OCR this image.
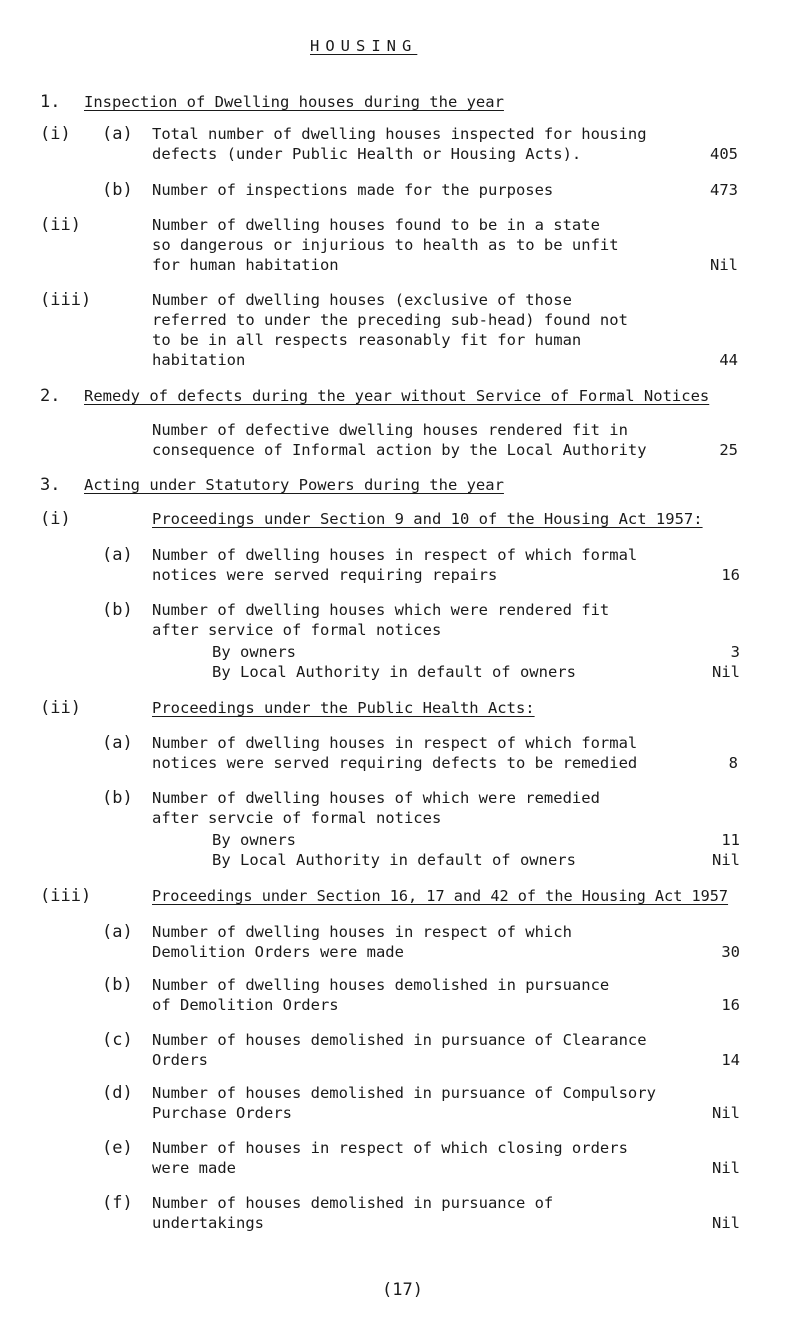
HOUSING
1. Inspection of Dwelling houses during the year
(i) (a) Total number of dwelling houses inspected for housing
defects (under Public Health or Housing Acts).	405
(b) Number of inspections made for the purposes	473
(ii)	Number of dwelling houses found to be in a state
so dangerous or injurious to health as to be unfit
for human habitation	Nil
(iii)	Number of dwelling houses (exclusive of those
referred to under the preceding sub-head) found not
to be in all respects reasonably fit for human
habitation	44
2. Remedy of defects during the year without Service of Formal Notices
Number of defective dwelling houses rendered fit in
consequence of Informal action by the Local Authority	25
3. Acting under Statutory Powers during the year
(i)	Proceedings under Section 9 and 10 of the Housing Act 1957:
(a) Number of dwelling houses in respect of which formal
notices were served requiring repairs	16
(b) Number of dwelling houses which were rendered fit
after service of formal notices
By owners	3
By Local Authority in default of owners	Nil
(ii)	Proceedings under the Public Health Acts:
(a) Number of dwelling houses in respect of which formal
notices were served requiring defects to be remedied	8
(b) Number of dwelling houses of which were remedied
after servcie of formal notices
By owners	11
By Local Authority in default of owners	Nil
(iii)	Proceedings under Section 16, 17 and 42 of the Housing Act 1957
(a) Number of dwelling houses in respect of which
Demolition Orders were made	30
(b) Number of dwelling houses demolished in pursuance
of Demolition Orders	16
(c) Number of houses demolished in pursuance of Clearance
Orders	14
(d) Number of houses demolished in pursuance of Compulsory
Purchase Orders	Nil
(e) Number of houses in respect of which closing orders
were made	Nil
(f) Number of houses demolished in pursuance of
undertakings	Nil
(17)
